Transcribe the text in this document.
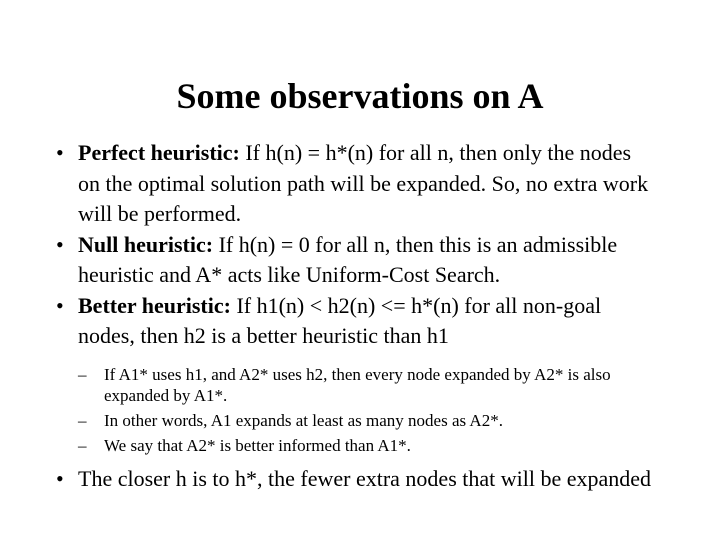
Some observations on A
• Perfect heuristic: If h(n) = h*(n) for all n, then only the nodes on the optimal solution path will be expanded. So, no extra work will be performed.
• Null heuristic: If h(n) = 0 for all n, then this is an admissible heuristic and A* acts like Uniform-Cost Search.
• Better heuristic: If h1(n) < h2(n) <= h*(n) for all non-goal nodes, then h2 is a better heuristic than h1
–	If A1* uses h1, and A2* uses h2, then every node expanded by A2* is also expanded by A1*.
–	In other words, A1 expands at least as many nodes as A2*.
–	We say that A2* is better informed than A1*.
• The closer h is to h*, the fewer extra nodes that will be expanded
